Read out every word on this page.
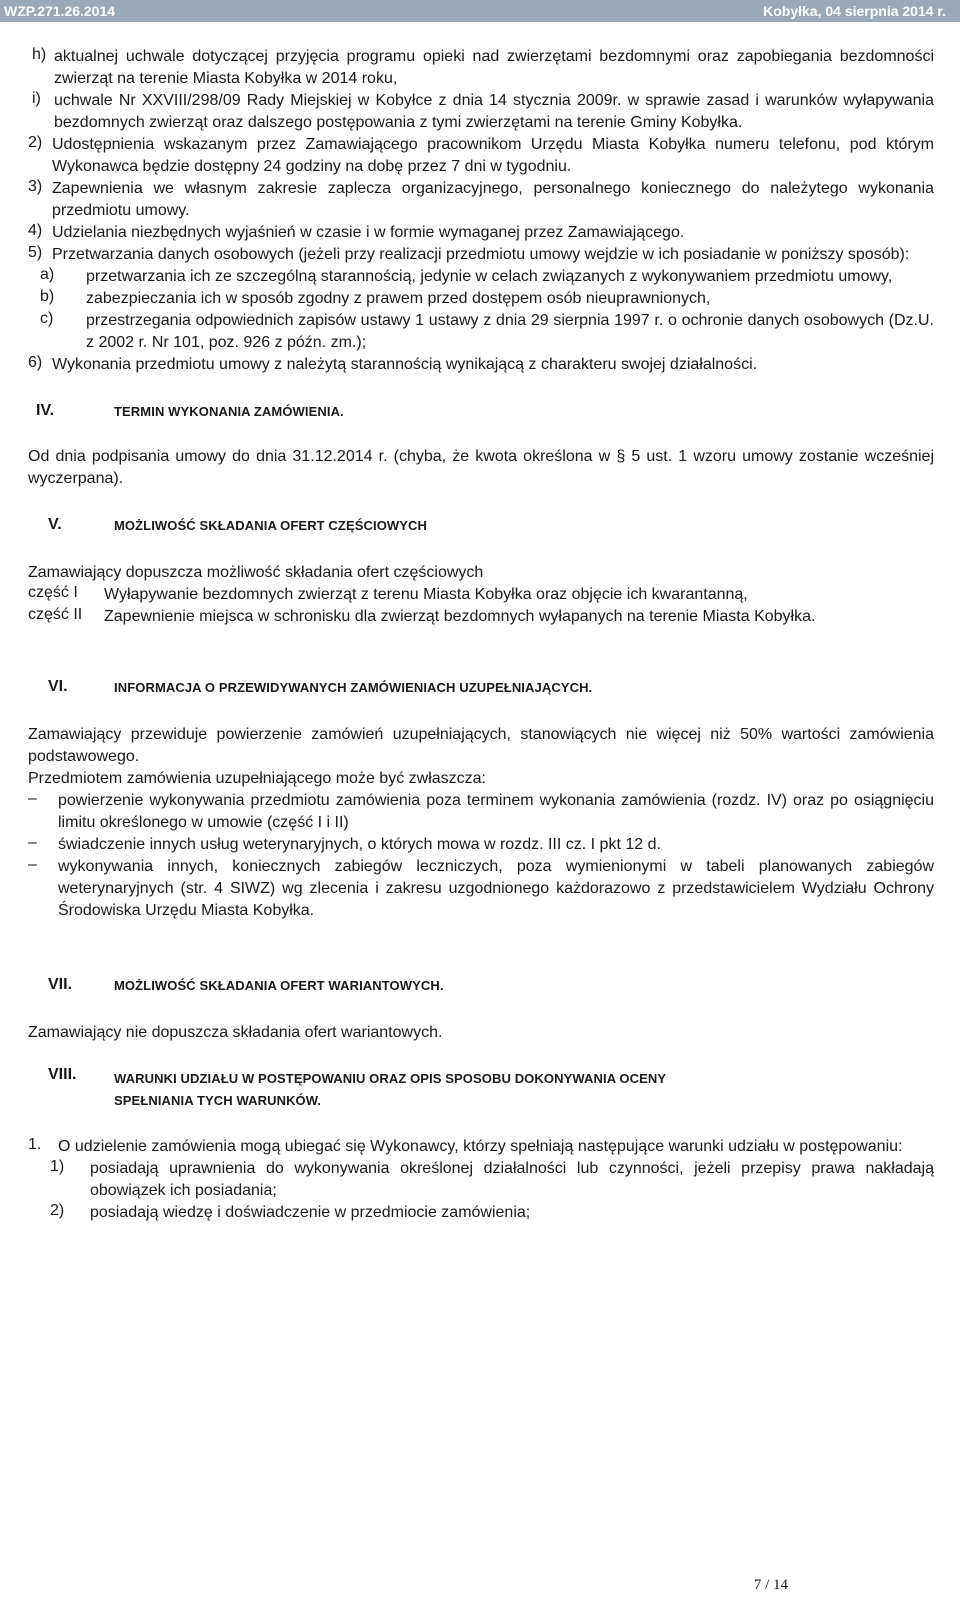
WZP.271.26.2014	Kobyłka, 04 sierpnia 2014 r.
h) aktualnej uchwale dotyczącej przyjęcia programu opieki nad zwierzętami bezdomnymi oraz zapobiegania bezdomności zwierząt na terenie Miasta Kobyłka w 2014 roku,

i) uchwale Nr XXVIII/298/09 Rady Miejskiej w Kobyłce z dnia 14 stycznia 2009r. w sprawie zasad i warunków wyłapywania bezdomnych zwierząt oraz dalszego postępowania z tymi zwierzętami na terenie Gminy Kobyłka.

2) Udostępnienia wskazanym przez Zamawiającego pracownikom Urzędu Miasta Kobyłka numeru telefonu, pod którym Wykonawca będzie dostępny 24 godziny na dobę przez 7 dni w tygodniu.

3) Zapewnienia we własnym zakresie zaplecza organizacyjnego, personalnego koniecznego do należytego wykonania przedmiotu umowy.

4) Udzielania niezbędnych wyjaśnień w czasie i w formie wymaganej przez Zamawiającego.

5) Przetwarzania danych osobowych (jeżeli przy realizacji przedmiotu umowy wejdzie w ich posiadanie w poniższy sposób):

a) przetwarzania ich ze szczególną starannością, jedynie w celach związanych z wykonywaniem przedmiotu umowy,

b) zabezpieczania ich w sposób zgodny z prawem przed dostępem osób nieuprawnionych,

c) przestrzegania odpowiednich zapisów ustawy 1 ustawy z dnia 29 sierpnia 1997 r. o ochronie danych osobowych (Dz.U. z 2002 r. Nr 101, poz. 926 z późn. zm.);

6) Wykonania przedmiotu umowy z należytą starannością wynikającą z charakteru swojej działalności.

IV.	TERMIN WYKONANIA ZAMÓWIENIA.

Od dnia podpisania umowy do dnia 31.12.2014 r. (chyba, że kwota określona w § 5 ust. 1 wzoru umowy zostanie wcześniej wyczerpana).

V.	MOŻLIWOŚĆ SKŁADANIA OFERT CZĘŚCIOWYCH

Zamawiający dopuszcza możliwość składania ofert częściowych

część I Wyłapywanie bezdomnych zwierząt z terenu Miasta Kobyłka oraz objęcie ich kwarantanną,

część II Zapewnienie miejsca w schronisku dla zwierząt bezdomnych wyłapanych na terenie Miasta Kobyłka.

VI.	INFORMACJA O PRZEWIDYWANYCH ZAMÓWIENIACH UZUPEŁNIAJĄCYCH.

Zamawiający przewiduje powierzenie zamówień uzupełniających, stanowiących nie więcej niż 50% wartości zamówienia podstawowego.

Przedmiotem zamówienia uzupełniającego może być zwłaszcza:

– powierzenie wykonywania przedmiotu zamówienia poza terminem wykonania zamówienia (rozdz. IV) oraz po osiągnięciu limitu określonego w umowie (część I i II)

– świadczenie innych usług weterynaryjnych, o których mowa w rozdz. III cz. I pkt 12 d.

– wykonywania innych, koniecznych zabiegów leczniczych, poza wymienionymi w tabeli planowanych zabiegów weterynaryjnych (str. 4 SIWZ) wg zlecenia i zakresu uzgodnionego każdorazowo z przedstawicielem Wydziału Ochrony Środowiska Urzędu Miasta Kobyłka.

VII.	MOŻLIWOŚĆ SKŁADANIA OFERT WARIANTOWYCH.

Zamawiający nie dopuszcza składania ofert wariantowych.

VIII.	WARUNKI UDZIAŁU W POSTĘPOWANIU ORAZ OPIS SPOSOBU DOKONYWANIA OCENY
SPEŁNIANIA TYCH WARUNKÓW.
1. O udzielenie zamówienia mogą ubiegać się Wykonawcy, którzy spełniają następujące warunki udziału w postępowaniu:

1) posiadają uprawnienia do wykonywania określonej działalności lub czynności, jeżeli przepisy prawa nakładają obowiązek ich posiadania;

2) posiadają wiedzę i doświadczenie w przedmiocie zamówienia;

7 / 14
